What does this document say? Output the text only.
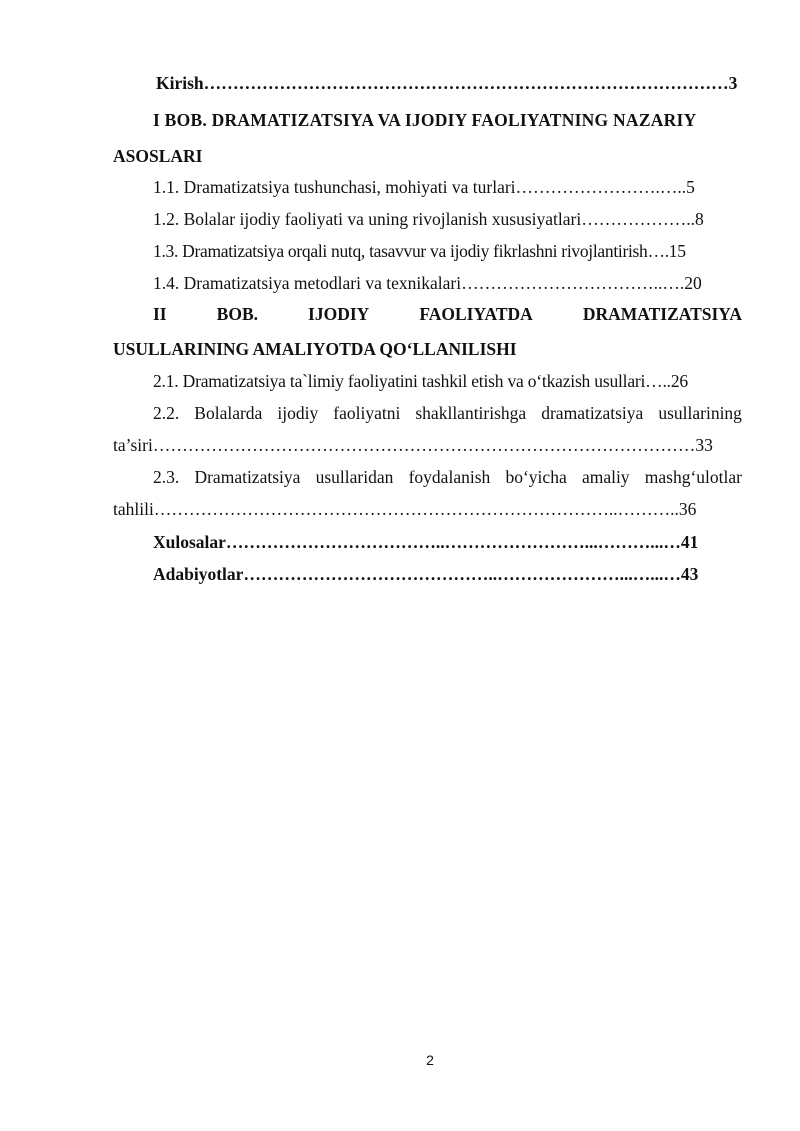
Kirish………………………………………………………………………………3
I BOB. DRAMATIZATSIYA VA IJODIY FAOLIYATNING NAZARIY
ASOSLARI
1.1. Dramatizatsiya tushunchasi, mohiyati va turlari…………………….…..5
1.2. Bolalar ijodiy faoliyati va uning rivojlanish xususiyatlari………………..8
1.3. Dramatizatsiya orqali nutq, tasavvur va ijodiy fikrlashni rivojlantirish….15
1.4. Dramatizatsiya metodlari va texnikalari……………………………..….20
II	BOB.	IJODIY	FAOLIYATDA	DRAMATIZATSIYA
USULLARINING AMALIYOTDA QO‘LLANILISHI
2.1. Dramatizatsiya ta`limiy faoliyatini tashkil etish va o‘tkazish usullari…..26
2.2. Bolalarda ijodiy faoliyatni shakllantirishga dramatizatsiya usullarining
ta’siri…………………………………………………………………………………33
2.3. Dramatizatsiya usullaridan foydalanish bo‘yicha amaliy mashg‘ulotlar
tahlili……………………………………………………………………..………..36
Xulosalar………………………………..……………………...………...…41
Adabiyotlar……………………………………..…………………...…...…43
2
